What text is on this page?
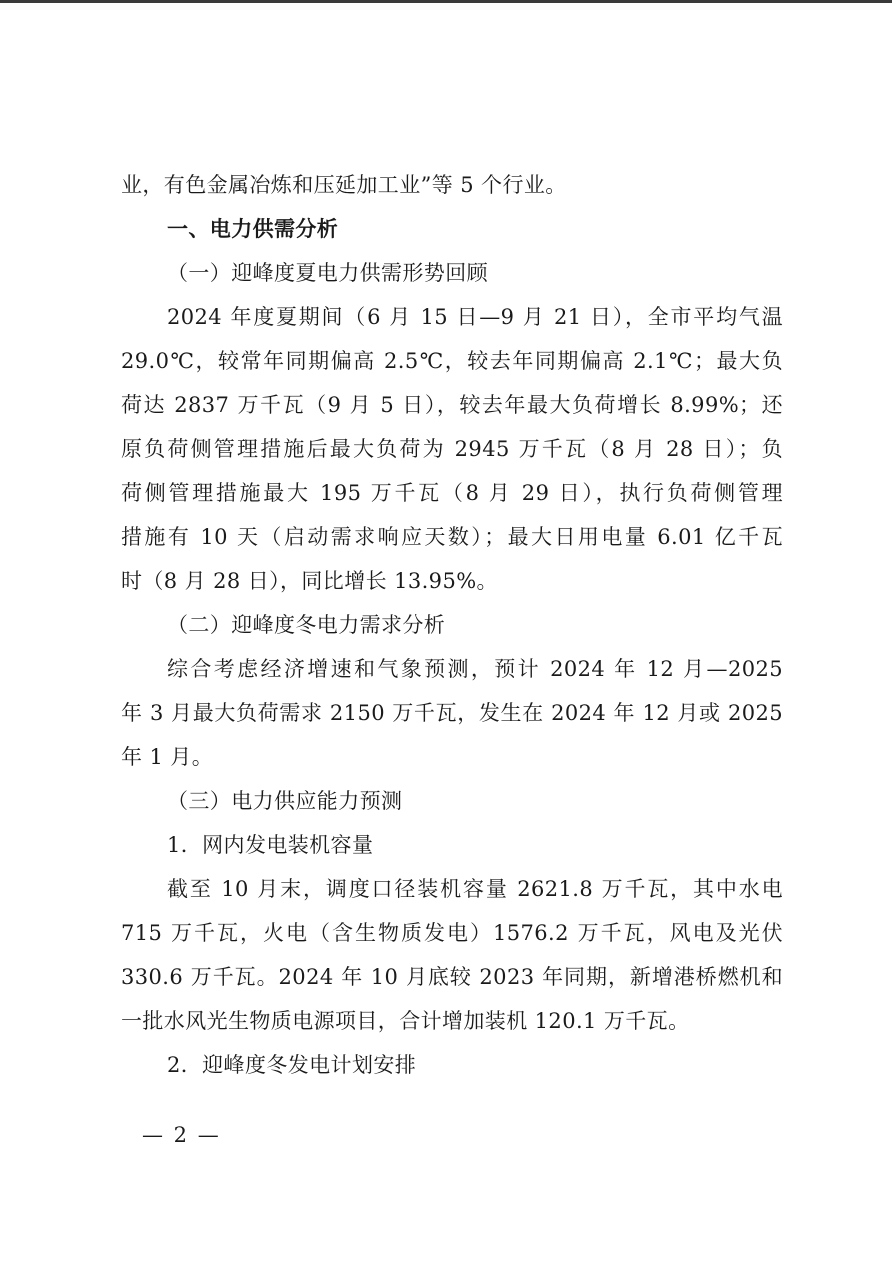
业，有色金属冶炼和压延加工业”等 5 个行业。

一、电力供需分析

（一）迎峰度夏电力供需形势回顾

2024 年度夏期间（6 月 15 日—9 月 21 日），全市平均气温

29.0℃，较常年同期偏高 2.5℃，较去年同期偏高 2.1℃；最大负

荷达 2837 万千瓦（9 月 5 日），较去年最大负荷增长 8.99%；还

原负荷侧管理措施后最大负荷为 2945 万千瓦（8 月 28 日）；负

荷侧管理措施最大 195 万千瓦（8 月 29 日），执行负荷侧管理

措施有 10 天（启动需求响应天数）；最大日用电量 6.01 亿千瓦

时（8 月 28 日），同比增长 13.95%。

（二）迎峰度冬电力需求分析

综合考虑经济增速和气象预测，预计 2024 年 12 月—2025

年 3 月最大负荷需求 2150 万千瓦，发生在 2024 年 12 月或 2025

年 1 月。

（三）电力供应能力预测

1．网内发电装机容量

截至 10 月末，调度口径装机容量 2621.8 万千瓦，其中水电

715 万千瓦，火电（含生物质发电）1576.2 万千瓦，风电及光伏

330.6 万千瓦。2024 年 10 月底较 2023 年同期，新增港桥燃机和

一批水风光生物质电源项目，合计增加装机 120.1 万千瓦。

2．迎峰度冬发电计划安排

— 2 —
